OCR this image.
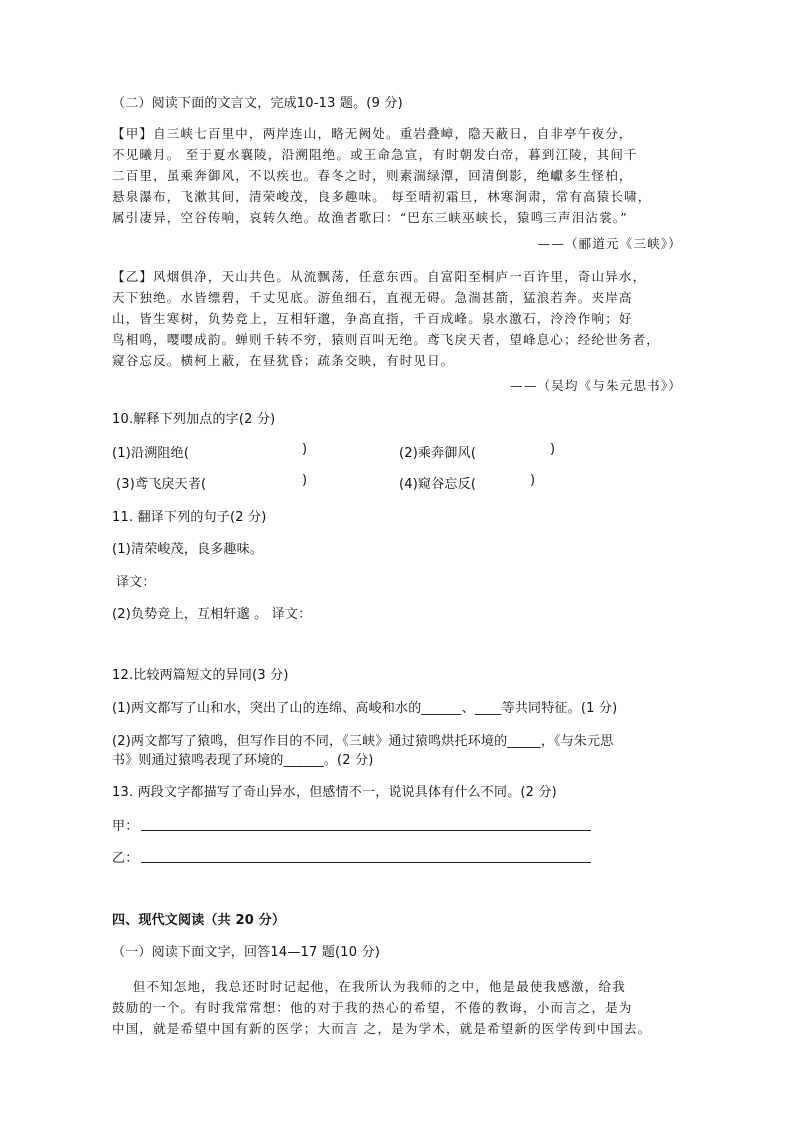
（二）阅读下面的文言文，完成10-13 题。(9 分)
【甲】自三峡七百里中，两岸连山，略无阙处。重岩叠嶂，隐天蔽日，自非亭午夜分，
不见曦月。 至于夏水襄陵，沿溯阻绝。或王命急宣，有时朝发白帝，暮到江陵，其间千
二百里，虽乘奔御风，不以疾也。春冬之时，则素湍绿潭，回清倒影，绝巘多生怪柏，
悬泉瀑布，飞漱其间，清荣峻茂，良多趣味。 每至晴初霜旦，林寒涧肃，常有高猿长啸，
属引凄异，空谷传响，哀转久绝。故渔者歌曰：“巴东三峡巫峡长，猿鸣三声泪沾裳。”
——（郦道元《三峡》）
【乙】风烟俱净，天山共色。从流飘荡，任意东西。自富阳至桐庐一百许里，奇山异水，
天下独绝。水皆缥碧，千丈见底。游鱼细石，直视无碍。急湍甚箭，猛浪若奔。夹岸高
山，皆生寒树，负势竞上，互相轩邈，争高直指，千百成峰。泉水激石，泠泠作响；好
鸟相鸣，嘤嘤成韵。蝉则千转不穷，猿则百叫无绝。鸢飞戾天者，望峰息心；经纶世务者，
窥谷忘反。横柯上蔽，在昼犹昏；疏条交映，有时见日。
——（吴均《与朱元思书》）
10.解释下列加点的字(2 分)
(1)沿溯阻绝(	)	(2)乘奔御风(	)
(3)鸢飞戾天者(	)	(4)窥谷忘反(	)
11. 翻译下列的句子(2 分)
(1)清荣峻茂，良多趣味。
译文：
(2)负势竞上，互相轩邈 。 译文：
12.比较两篇短文的异同(3 分)
(1)两文都写了山和水，突出了山的连绵、高峻和水的______、____等共同特征。(1 分)
(2)两文都写了猿鸣，但写作目的不同，《三峡》通过猿鸣烘托环境的_____，《与朱元思
书》则通过猿鸣表现了环境的______。(2 分)
13. 两段文字都描写了奇山异水，但感情不一，说说具体有什么不同。(2 分)
甲：
乙：
四、现代文阅读（共 20 分）
（一）阅读下面文字，回答14—17 题(10 分)
但不知怎地，我总还时时记起他，在我所认为我师的之中，他是最使我感激，给我
鼓励的一个。有时我常常想：他的对于我的热心的希望，不倦的教诲，小而言之，是为
中国，就是希望中国有新的医学；大而言 之，是为学术，就是希望新的医学传到中国去。
